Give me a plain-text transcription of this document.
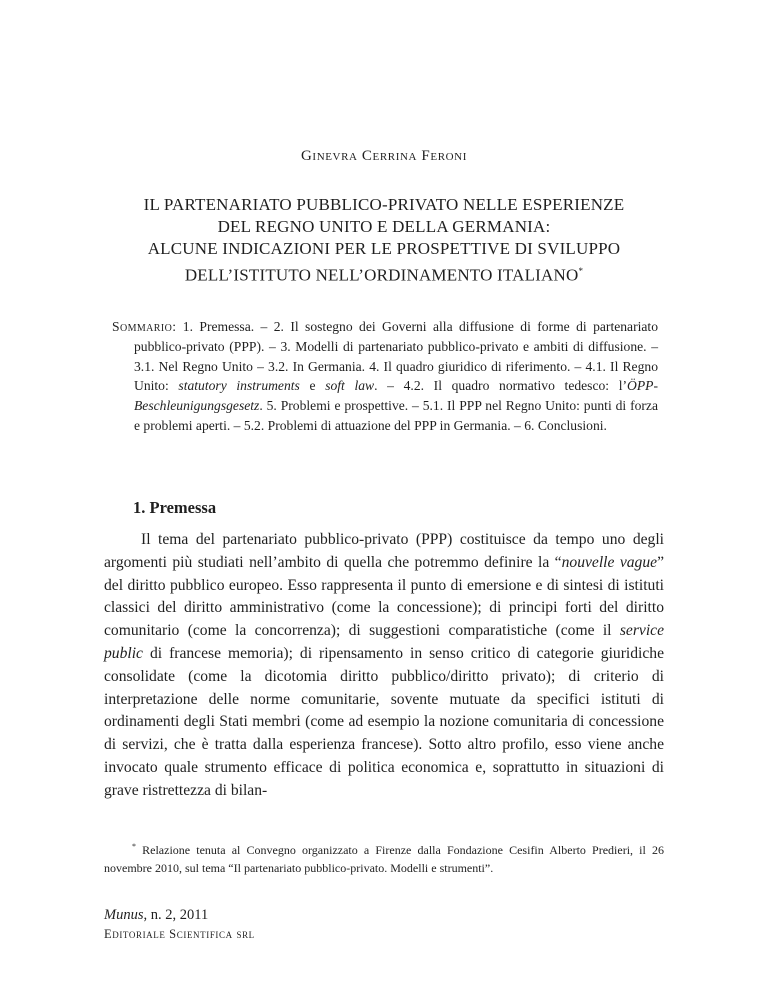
Ginevra Cerrina Feroni
IL PARTENARIATO PUBBLICO-PRIVATO NELLE ESPERIENZE
DEL REGNO UNITO E DELLA GERMANIA:
ALCUNE INDICAZIONI PER LE PROSPETTIVE DI SVILUPPO
DELL’ISTITUTO NELL’ORDINAMENTO ITALIANO*
Sommario: 1. Premessa. – 2. Il sostegno dei Governi alla diffusione di forme di partenariato pubblico-privato (PPP). – 3. Modelli di partenariato pubblico-privato e ambiti di diffusione. – 3.1. Nel Regno Unito – 3.2. In Germania. 4. Il quadro giuridico di riferimento. – 4.1. Il Regno Unito: statutory instruments e soft law. – 4.2. Il quadro normativo tedesco: l’ÖPP-Beschleunigungsgesetz. 5. Problemi e prospettive. – 5.1. Il PPP nel Regno Unito: punti di forza e problemi aperti. – 5.2. Problemi di attuazione del PPP in Germania. – 6. Conclusioni.
1. Premessa

Il tema del partenariato pubblico-privato (PPP) costituisce da tempo uno degli argomenti più studiati nell’ambito di quella che potremmo definire la “nouvelle vague” del diritto pubblico europeo. Esso rappresenta il punto di emersione e di sintesi di istituti classici del diritto amministrativo (come la concessione); di principi forti del diritto comunitario (come la concorrenza); di suggestioni comparatistiche (come il service public di francese memoria); di ripensamento in senso critico di categorie giuridiche consolidate (come la dicotomia diritto pubblico/diritto privato); di criterio di interpretazione delle norme comunitarie, sovente mutuate da specifici istituti di ordinamenti degli Stati membri (come ad esempio la nozione comunitaria di concessione di servizi, che è tratta dalla esperienza francese). Sotto altro profilo, esso viene anche invocato quale strumento efficace di politica economica e, soprattutto in situazioni di grave ristrettezza di bilan-

* Relazione tenuta al Convegno organizzato a Firenze dalla Fondazione Cesifin Alberto Predieri, il 26 novembre 2010, sul tema “Il partenariato pubblico-privato. Modelli e strumenti”.

Munus, n. 2, 2011
Editoriale Scientifica srl
